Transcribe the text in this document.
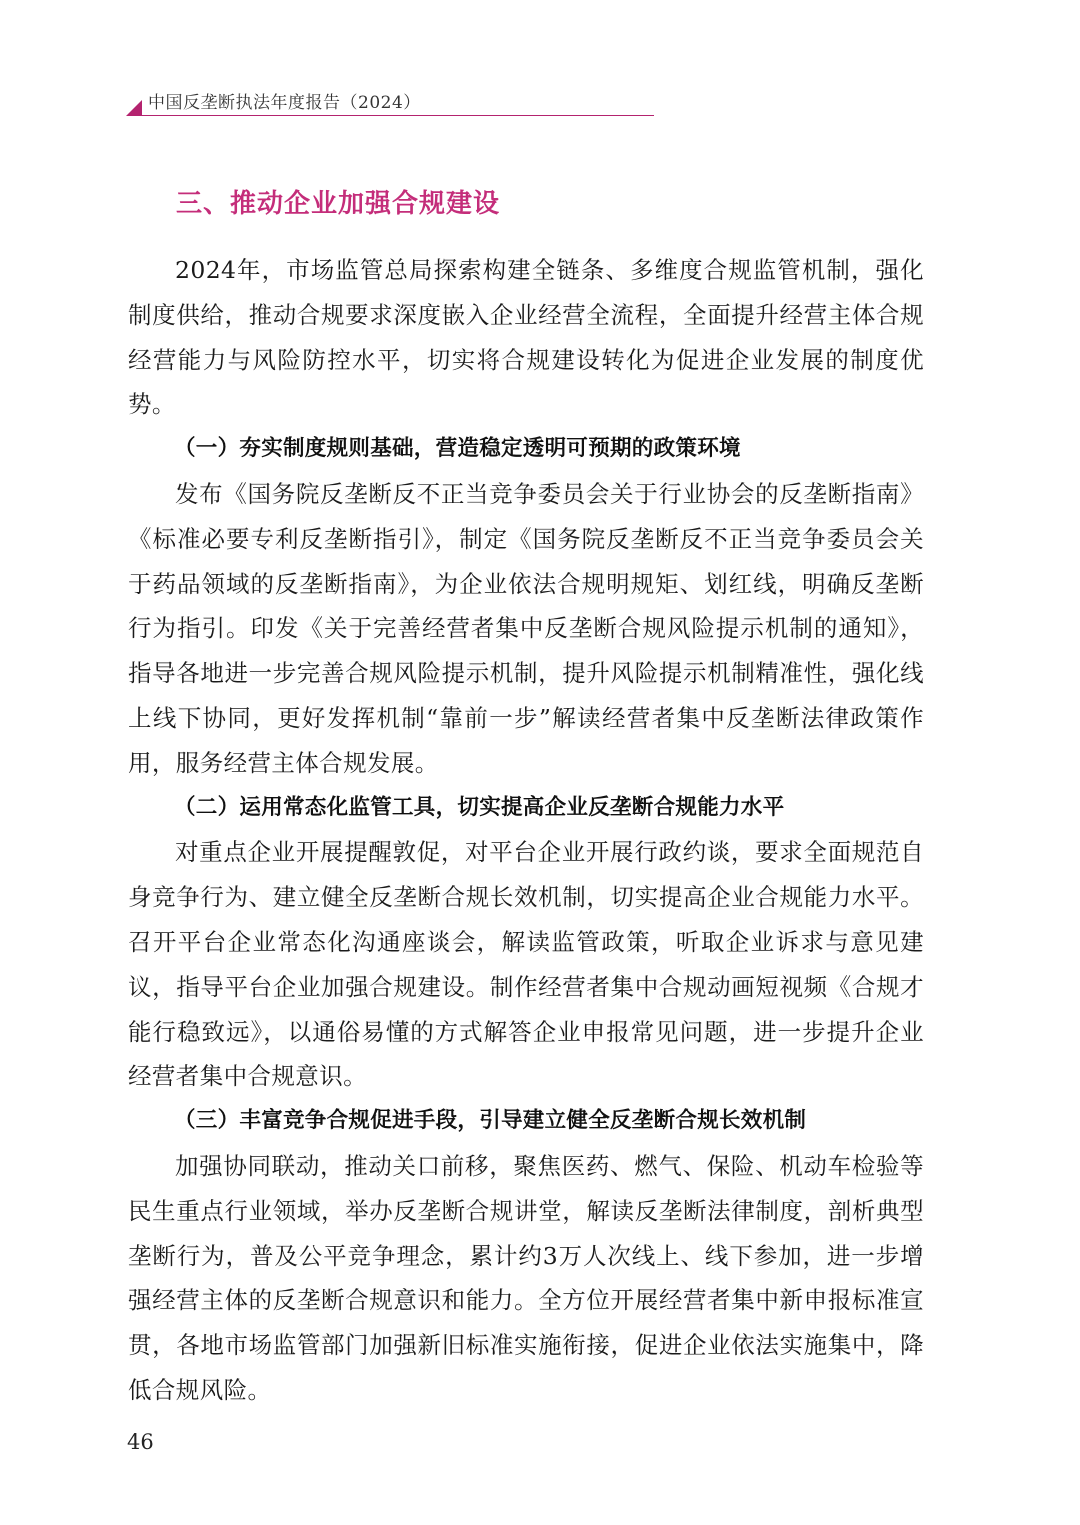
中国反垄断执法年度报告（2024）
三、推动企业加强合规建设

2024年，市场监管总局探索构建全链条、多维度合规监管机制，强化制度供给，推动合规要求深度嵌入企业经营全流程，全面提升经营主体合规经营能力与风险防控水平，切实将合规建设转化为促进企业发展的制度优势。

（一）夯实制度规则基础，营造稳定透明可预期的政策环境

发布《国务院反垄断反不正当竞争委员会关于行业协会的反垄断指南》《标准必要专利反垄断指引》，制定《国务院反垄断反不正当竞争委员会关于药品领域的反垄断指南》，为企业依法合规明规矩、划红线，明确反垄断行为指引。印发《关于完善经营者集中反垄断合规风险提示机制的通知》，指导各地进一步完善合规风险提示机制，提升风险提示机制精准性，强化线上线下协同，更好发挥机制“靠前一步”解读经营者集中反垄断法律政策作用，服务经营主体合规发展。

（二）运用常态化监管工具，切实提高企业反垄断合规能力水平

对重点企业开展提醒敦促，对平台企业开展行政约谈，要求全面规范自身竞争行为、建立健全反垄断合规长效机制，切实提高企业合规能力水平。召开平台企业常态化沟通座谈会，解读监管政策，听取企业诉求与意见建议，指导平台企业加强合规建设。制作经营者集中合规动画短视频《合规才能行稳致远》，以通俗易懂的方式解答企业申报常见问题，进一步提升企业经营者集中合规意识。

（三）丰富竞争合规促进手段，引导建立健全反垄断合规长效机制

加强协同联动，推动关口前移，聚焦医药、燃气、保险、机动车检验等民生重点行业领域，举办反垄断合规讲堂，解读反垄断法律制度，剖析典型垄断行为，普及公平竞争理念，累计约3万人次线上、线下参加，进一步增强经营主体的反垄断合规意识和能力。全方位开展经营者集中新申报标准宣贯，各地市场监管部门加强新旧标准实施衔接，促进企业依法实施集中，降低合规风险。

46
